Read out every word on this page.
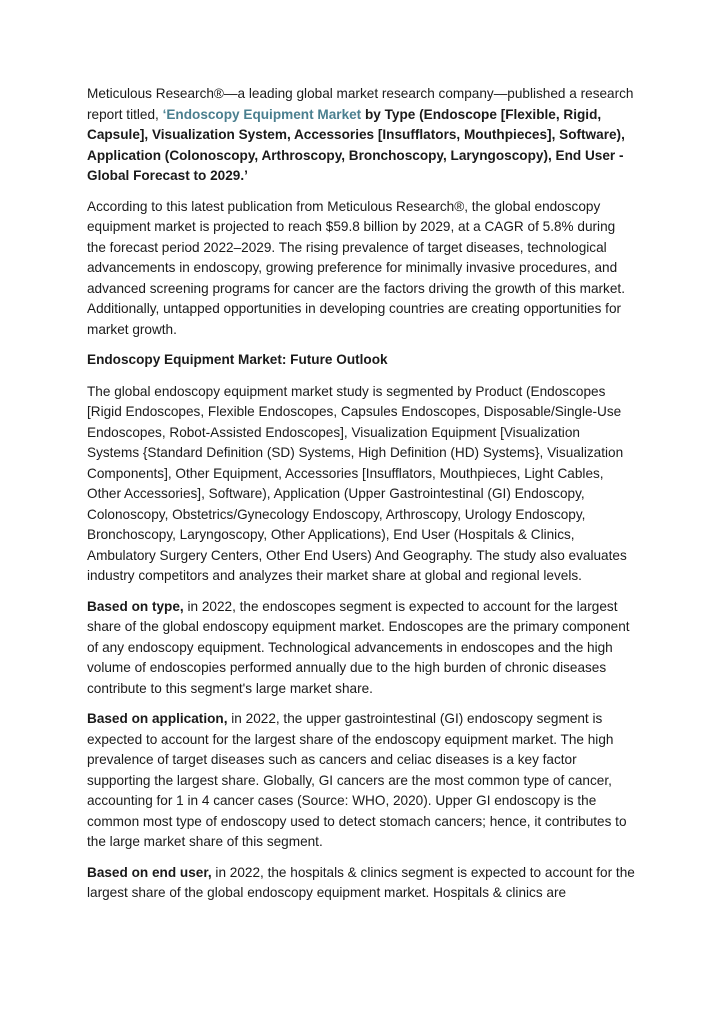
Meticulous Research®—a leading global market research company—published a research report titled, ‘Endoscopy Equipment Market by Type (Endoscope [Flexible, Rigid, Capsule], Visualization System, Accessories [Insufflators, Mouthpieces], Software), Application (Colonoscopy, Arthroscopy, Bronchoscopy, Laryngoscopy), End User - Global Forecast to 2029.’

According to this latest publication from Meticulous Research®, the global endoscopy equipment market is projected to reach $59.8 billion by 2029, at a CAGR of 5.8% during the forecast period 2022–2029. The rising prevalence of target diseases, technological advancements in endoscopy, growing preference for minimally invasive procedures, and advanced screening programs for cancer are the factors driving the growth of this market. Additionally, untapped opportunities in developing countries are creating opportunities for market growth.

Endoscopy Equipment Market: Future Outlook

The global endoscopy equipment market study is segmented by Product (Endoscopes [Rigid Endoscopes, Flexible Endoscopes, Capsules Endoscopes, Disposable/Single-Use Endoscopes, Robot-Assisted Endoscopes], Visualization Equipment [Visualization Systems {Standard Definition (SD) Systems, High Definition (HD) Systems}, Visualization Components], Other Equipment, Accessories [Insufflators, Mouthpieces, Light Cables, Other Accessories], Software), Application (Upper Gastrointestinal (GI) Endoscopy, Colonoscopy, Obstetrics/Gynecology Endoscopy, Arthroscopy, Urology Endoscopy, Bronchoscopy, Laryngoscopy, Other Applications), End User (Hospitals & Clinics, Ambulatory Surgery Centers, Other End Users) And Geography. The study also evaluates industry competitors and analyzes their market share at global and regional levels.

Based on type, in 2022, the endoscopes segment is expected to account for the largest share of the global endoscopy equipment market. Endoscopes are the primary component of any endoscopy equipment. Technological advancements in endoscopes and the high volume of endoscopies performed annually due to the high burden of chronic diseases contribute to this segment's large market share.

Based on application, in 2022, the upper gastrointestinal (GI) endoscopy segment is expected to account for the largest share of the endoscopy equipment market. The high prevalence of target diseases such as cancers and celiac diseases is a key factor supporting the largest share. Globally, GI cancers are the most common type of cancer, accounting for 1 in 4 cancer cases (Source: WHO, 2020). Upper GI endoscopy is the common most type of endoscopy used to detect stomach cancers; hence, it contributes to the large market share of this segment.

Based on end user, in 2022, the hospitals & clinics segment is expected to account for the largest share of the global endoscopy equipment market. Hospitals & clinics are
